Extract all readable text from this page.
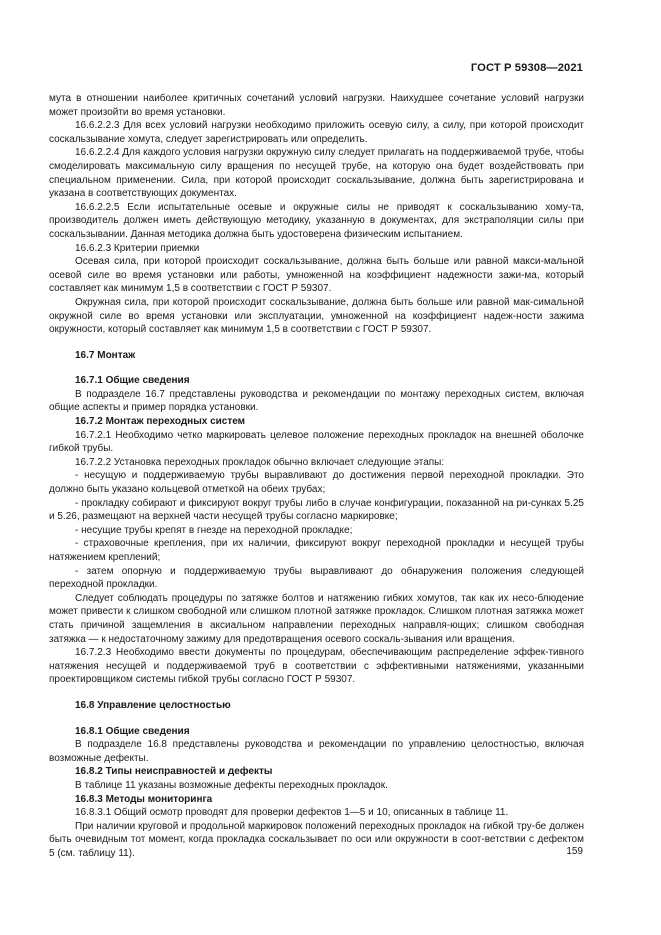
ГОСТ Р 59308—2021

мута в отношении наиболее критичных сочетаний условий нагрузки. Наихудшее сочетание условий нагрузки может произойти во время установки.

16.6.2.2.3 Для всех условий нагрузки необходимо приложить осевую силу, а силу, при которой происходит соскальзывание хомута, следует зарегистрировать или определить.

16.6.2.2.4 Для каждого условия нагрузки окружную силу следует прилагать на поддерживаемой трубе, чтобы смоделировать максимальную силу вращения по несущей трубе, на которую она будет воздействовать при специальном применении. Сила, при которой происходит соскальзывание, должна быть зарегистрирована и указана в соответствующих документах.

16.6.2.2.5 Если испытательные осевые и окружные силы не приводят к соскальзыванию хому-та, производитель должен иметь действующую методику, указанную в документах, для экстраполяции силы при соскальзывании. Данная методика должна быть удостоверена физическим испытанием.

16.6.2.3 Критерии приемки

Осевая сила, при которой происходит соскальзывание, должна быть больше или равной макси-мальной осевой силе во время установки или работы, умноженной на коэффициент надежности зажи-ма, который составляет как минимум 1,5 в соответствии с ГОСТ Р 59307.

Окружная сила, при которой происходит соскальзывание, должна быть больше или равной мак-симальной окружной силе во время установки или эксплуатации, умноженной на коэффициент надеж-ности зажима окружности, который составляет как минимум 1,5 в соответствии с ГОСТ Р 59307.

16.7 Монтаж

16.7.1 Общие сведения

В подразделе 16.7 представлены руководства и рекомендации по монтажу переходных систем, включая общие аспекты и пример порядка установки.

16.7.2 Монтаж переходных систем

16.7.2.1 Необходимо четко маркировать целевое положение переходных прокладок на внешней оболочке гибкой трубы.

16.7.2.2 Установка переходных прокладок обычно включает следующие этапы:

- несущую и поддерживаемую трубы выравливают до достижения первой переходной прокладки. Это должно быть указано кольцевой отметкой на обеих трубах;

- прокладку собирают и фиксируют вокруг трубы либо в случае конфигурации, показанной на ри-сунках 5.25 и 5.26, размещают на верхней части несущей трубы согласно маркировке;

- несущие трубы крепят в гнезде на переходной прокладке;

- страховочные крепления, при их наличии, фиксируют вокруг переходной прокладки и несущей трубы натяжением креплений;

- затем опорную и поддерживаемую трубы выравливают до обнаружения положения следующей переходной прокладки.

Следует соблюдать процедуры по затяжке болтов и натяжению гибких хомутов, так как их несо-блюдение может привести к слишком свободной или слишком плотной затяжке прокладок. Слишком плотная затяжка может стать причиной защемления в аксиальном направлении переходных направля-ющих; слишком свободная затяжка — к недостаточному зажиму для предотвращения осевого соскаль-зывания или вращения.

16.7.2.3 Необходимо ввести документы по процедурам, обеспечивающим распределение эффек-тивного натяжения несущей и поддерживаемой труб в соответствии с эффективными натяжениями, указанными проектировщиком системы гибкой трубы согласно ГОСТ Р 59307.

16.8 Управление целостностью

16.8.1 Общие сведения

В подразделе 16.8 представлены руководства и рекомендации по управлению целостностью, включая возможные дефекты.

16.8.2 Типы неисправностей и дефекты

В таблице 11 указаны возможные дефекты переходных прокладок.

16.8.3 Методы мониторинга

16.8.3.1 Общий осмотр проводят для проверки дефектов 1—5 и 10, описанных в таблице 11.

При наличии круговой и продольной маркировок положений переходных прокладок на гибкой тру-бе должен быть очевидным тот момент, когда прокладка соскальзывает по оси или окружности в соот-ветствии с дефектом 5 (см. таблицу 11).	159
